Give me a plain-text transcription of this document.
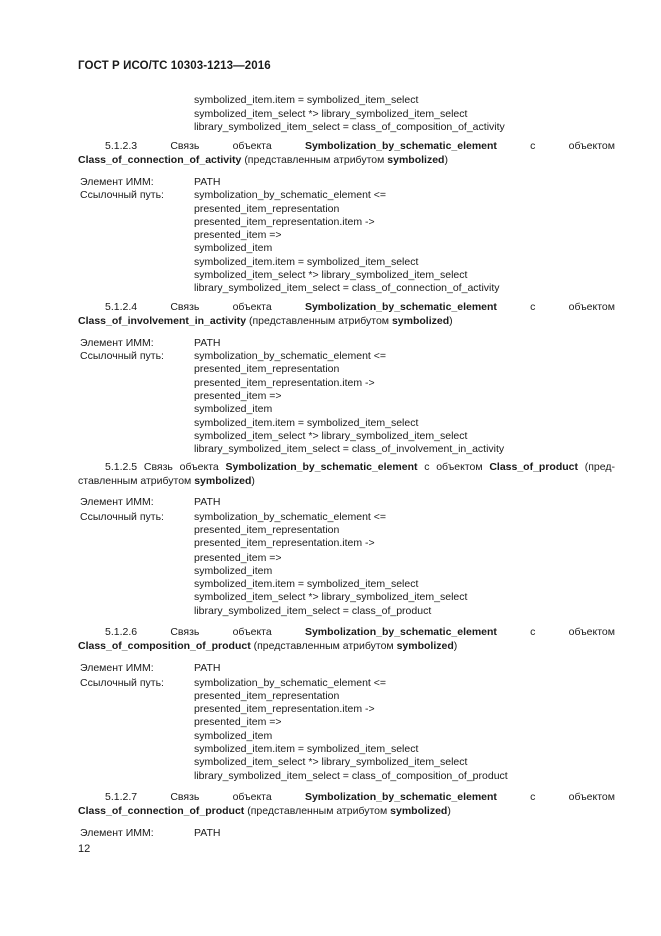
ГОСТ Р ИСО/ТС 10303-1213—2016
symbolized_item.item = symbolized_item_select
symbolized_item_select *> library_symbolized_item_select
library_symbolized_item_select = class_of_composition_of_activity
5.1.2.3	Связь объекта	Symbolization_by_schematic_element	с объектом Class_of_connection_of_activity (представленным атрибутом symbolized)
Элемент ИММ:	PATH
Ссылочный путь:	symbolization_by_schematic_element <=
presented_item_representation
presented_item_representation.item ->
presented_item =>
symbolized_item
symbolized_item.item = symbolized_item_select
symbolized_item_select *> library_symbolized_item_select
library_symbolized_item_select = class_of_connection_of_activity
5.1.2.4	Связь объекта	Symbolization_by_schematic_element	с объектом Class_of_involvement_in_activity (представленным атрибутом symbolized)
Элемент ИММ:	PATH
Ссылочный путь:	symbolization_by_schematic_element <=
presented_item_representation
presented_item_representation.item ->
presented_item =>
symbolized_item
symbolized_item.item = symbolized_item_select
symbolized_item_select *> library_symbolized_item_select
library_symbolized_item_select = class_of_involvement_in_activity
5.1.2.5 Связь объекта Symbolization_by_schematic_element с объектом Class_of_product (представленным атрибутом symbolized)
Элемент ИММ:	PATH
Ссылочный путь:	symbolization_by_schematic_element <=
presented_item_representation
presented_item_representation.item ->
presented_item =>
symbolized_item
symbolized_item.item = symbolized_item_select
symbolized_item_select *> library_symbolized_item_select
library_symbolized_item_select = class_of_product
5.1.2.6	Связь объекта	Symbolization_by_schematic_element	с объектом Class_of_composition_of_product (представленным атрибутом symbolized)
Элемент ИММ:	PATH
Ссылочный путь:	symbolization_by_schematic_element <=
presented_item_representation
presented_item_representation.item ->
presented_item =>
symbolized_item
symbolized_item.item = symbolized_item_select
symbolized_item_select *> library_symbolized_item_select
library_symbolized_item_select = class_of_composition_of_product
5.1.2.7	Связь объекта	Symbolization_by_schematic_element	с объектом Class_of_connection_of_product (представленным атрибутом symbolized)
Элемент ИММ:	PATH
12
